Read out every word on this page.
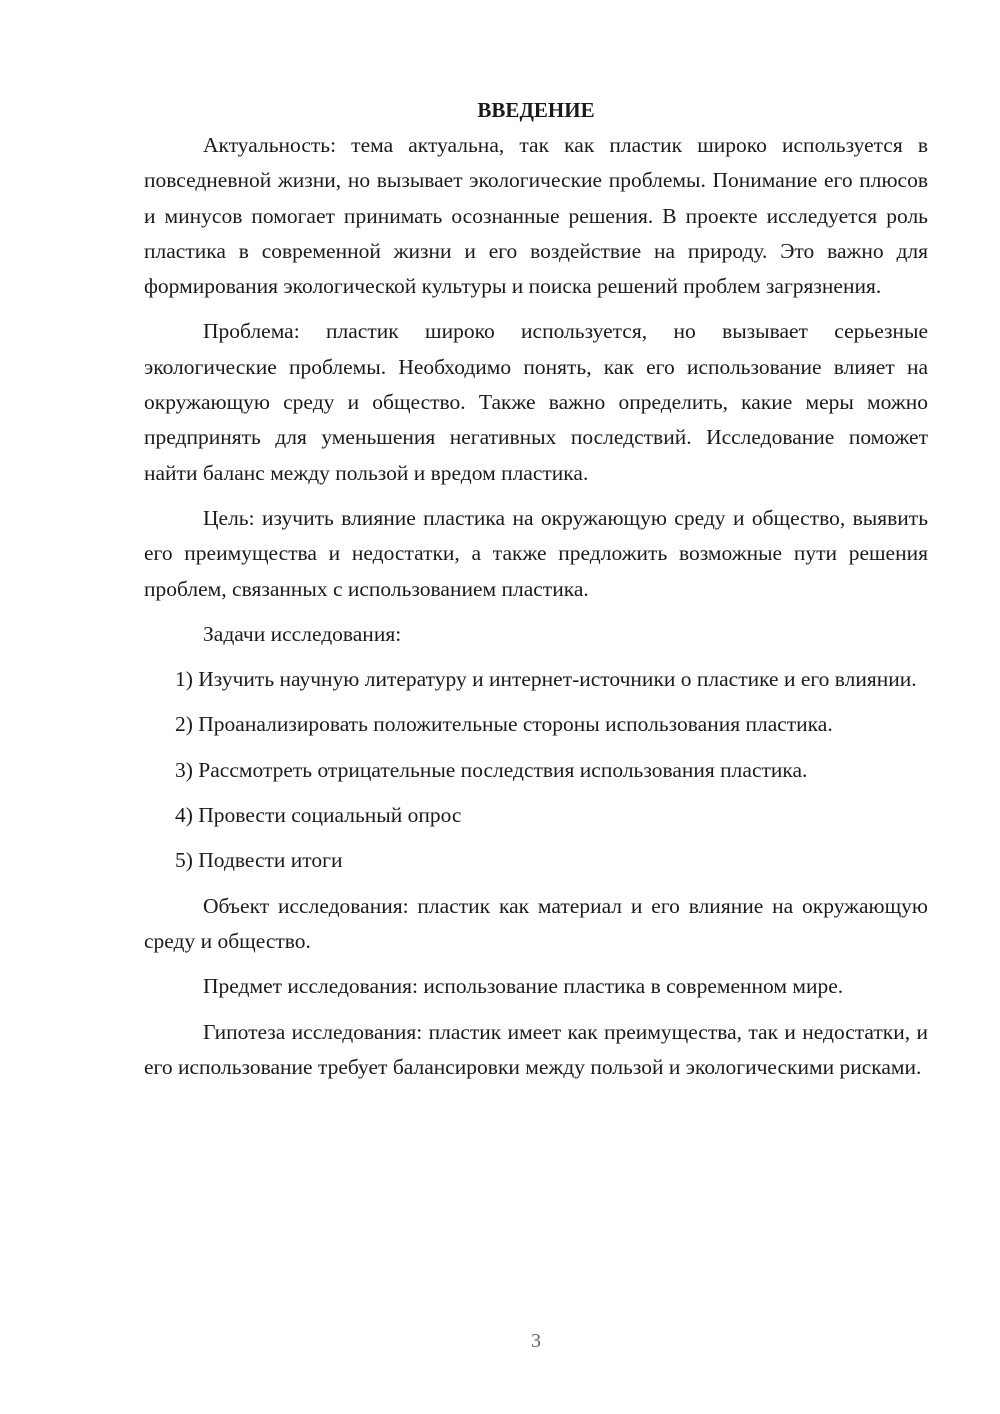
ВВЕДЕНИЕ

Актуальность: тема актуальна, так как пластик широко используется в повседневной жизни, но вызывает экологические проблемы. Понимание его плюсов и минусов помогает принимать осознанные решения. В проекте исследуется роль пластика в современной жизни и его воздействие на природу. Это важно для формирования экологической культуры и поиска решений проблем загрязнения.

Проблема: пластик широко используется, но вызывает серьезные экологические проблемы. Необходимо понять, как его использование влияет на окружающую среду и общество. Также важно определить, какие меры можно предпринять для уменьшения негативных последствий. Исследование поможет найти баланс между пользой и вредом пластика.

Цель: изучить влияние пластика на окружающую среду и общество, выявить его преимущества и недостатки, а также предложить возможные пути решения проблем, связанных с использованием пластика.

Задачи исследования:

1) Изучить научную литературу и интернет-источники о пластике и его влиянии.

2) Проанализировать положительные стороны использования пластика.

3) Рассмотреть отрицательные последствия использования пластика.

4) Провести социальный опрос

5) Подвести итоги

Объект исследования: пластик как материал и его влияние на окружающую среду и общество.

Предмет исследования: использование пластика в современном мире.

Гипотеза исследования: пластик имеет как преимущества, так и недостатки, и его использование требует балансировки между пользой и экологическими рисками.

3
